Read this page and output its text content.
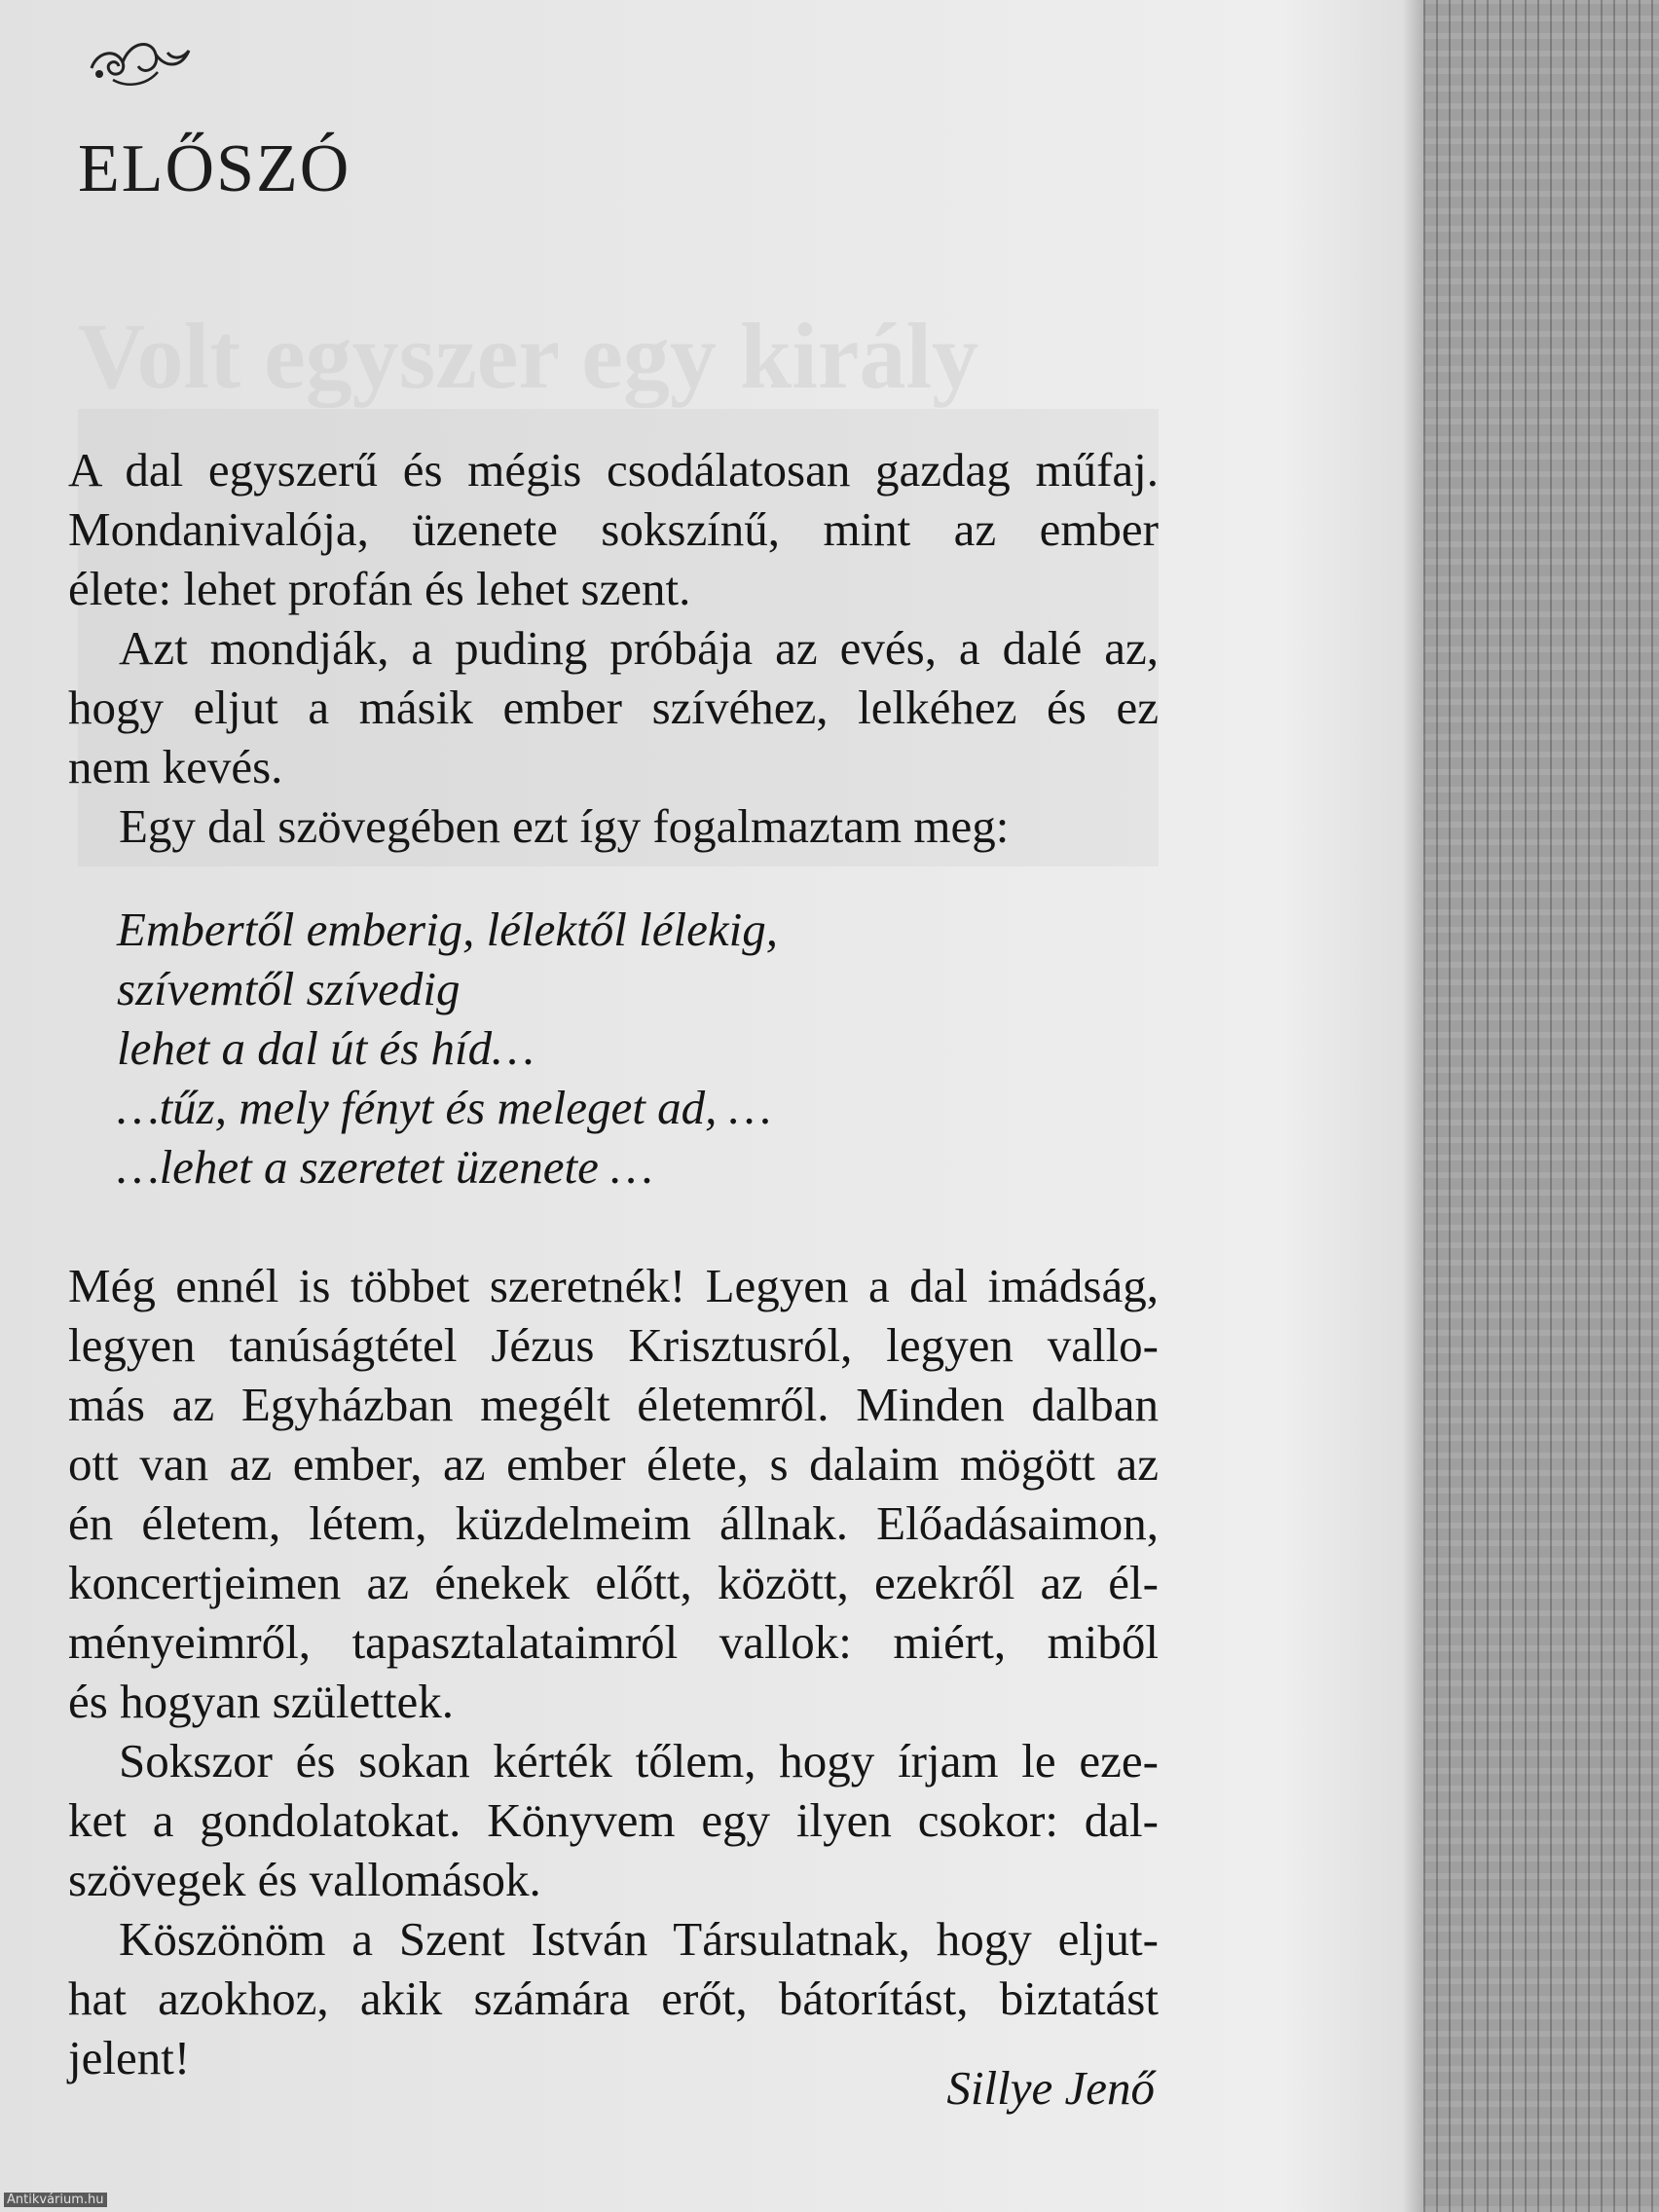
Volt egyszer egy király
ELŐSZÓ

A dal egyszerű és mégis csodálatosan gazdag műfaj.
Mondanivalója, üzenete sokszínű, mint az ember
élete: lehet profán és lehet szent.
Azt mondják, a puding próbája az evés, a dalé az,
hogy eljut a másik ember szívéhez, lelkéhez és ez
nem kevés.
Egy dal szövegében ezt így fogalmaztam meg:

Embertől emberig, lélektől lélekig,
szívemtől szívedig
lehet a dal út és híd…
…tűz, mely fényt és meleget ad, …
…lehet a szeretet üzenete …

Még ennél is többet szeretnék! Legyen a dal imádság,
legyen tanúságtétel Jézus Krisztusról, legyen vallo-
más az Egyházban megélt életemről. Minden dalban
ott van az ember, az ember élete, s dalaim mögött az
én életem, létem, küzdelmeim állnak. Előadásaimon,
koncertjeimen az énekek előtt, között, ezekről az él-
ményeimről, tapasztalataimról vallok: miért, miből
és hogyan születtek.
Sokszor és sokan kérték tőlem, hogy írjam le eze-
ket a gondolatokat. Könyvem egy ilyen csokor: dal-
szövegek és vallomások.
Köszönöm a Szent István Társulatnak, hogy eljut-
hat azokhoz, akik számára erőt, bátorítást, biztatást
jelent!

Sillye Jenő

Antikvárium.hu
